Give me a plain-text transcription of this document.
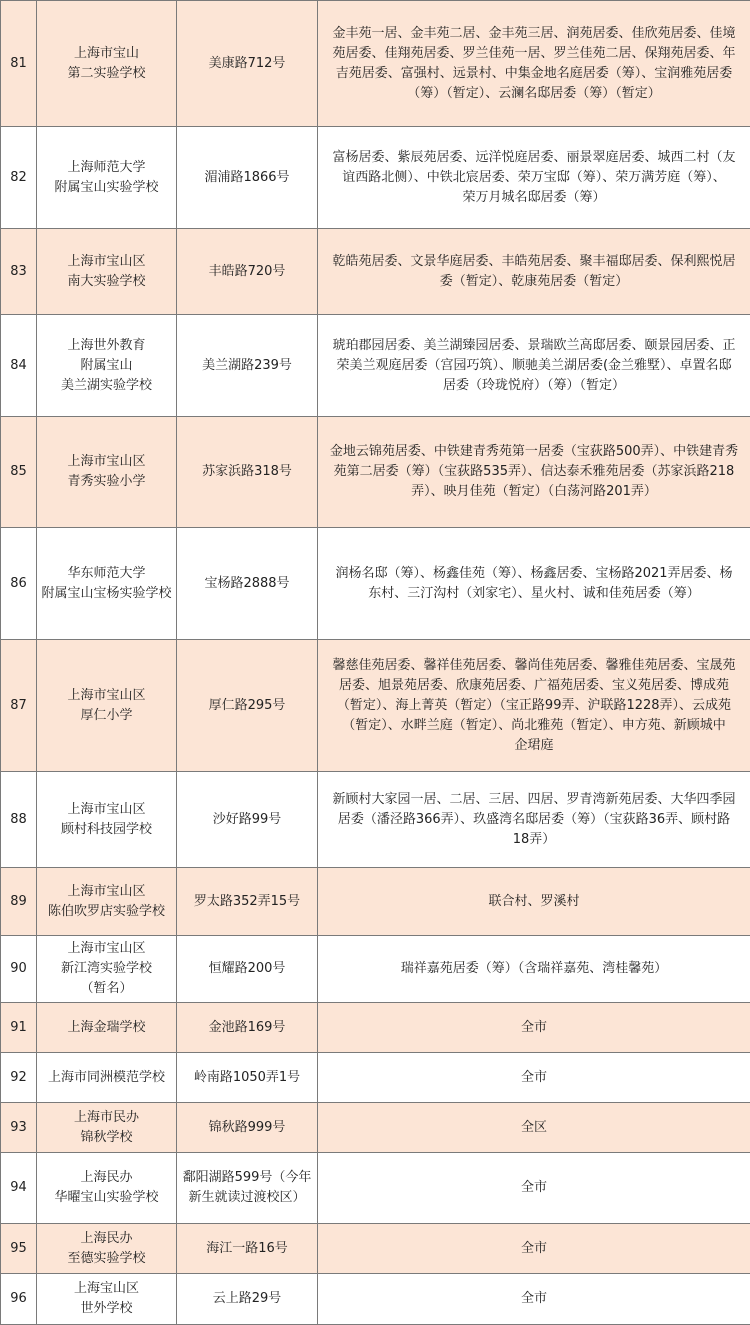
81	上海市宝山
第二实验学校	美康路712号	金丰苑一居、金丰苑二居、金丰苑三居、润苑居委、佳欣苑居委、佳境
苑居委、佳翔苑居委、罗兰佳苑一居、罗兰佳苑二居、保翔苑居委、年
吉苑居委、富强村、远景村、中集金地名庭居委（筹）、宝润雅苑居委
（筹）（暂定）、云澜名邸居委（筹）（暂定）

82	上海师范大学
附属宝山实验学校	湄浦路1866号	富杨居委、紫辰苑居委、远洋悦庭居委、丽景翠庭居委、城西二村（友
谊西路北侧）、中铁北宸居委、荣万宝邸（筹）、荣万满芳庭（筹）、
荣万月城名邸居委（筹）

83	上海市宝山区
南大实验学校	丰皓路720号	乾皓苑居委、文景华庭居委、丰皓苑居委、聚丰福邸居委、保利熙悦居
委（暂定）、乾康苑居委（暂定）

84	上海世外教育
附属宝山
美兰湖实验学校	美兰湖路239号	琥珀郡园居委、美兰湖臻园居委、景瑞欧兰高邸居委、颐景园居委、正
荣美兰观庭居委（宫园巧筑）、顺驰美兰湖居委(金兰雅墅）、卓置名邸
居委（玲珑悦府）（筹）（暂定）

85	上海市宝山区
青秀实验小学	苏家浜路318号	金地云锦苑居委、中铁建青秀苑第一居委（宝荻路500弄）、中铁建青秀
苑第二居委（筹）（宝荻路535弄）、信达泰禾雅苑居委（苏家浜路218
弄）、映月佳苑（暂定）（白荡河路201弄）

86	华东师范大学
附属宝山宝杨实验学校	宝杨路2888号	润杨名邸（筹）、杨鑫佳苑（筹）、杨鑫居委、宝杨路2021弄居委、杨
东村、三汀沟村（刘家宅）、星火村、诚和佳苑居委（筹）

87	上海市宝山区
厚仁小学	厚仁路295号	馨慈佳苑居委、馨祥佳苑居委、馨尚佳苑居委、馨雅佳苑居委、宝晟苑
居委、旭景苑居委、欣康苑居委、广福苑居委、宝义苑居委、博成苑
（暂定）、海上菁英（暂定）（宝正路99弄、沪联路1228弄）、云成苑
（暂定）、水畔兰庭（暂定）、尚北雅苑（暂定）、申方苑、新顾城中
企珺庭

88	上海市宝山区
顾村科技园学校	沙好路99号	新顾村大家园一居、二居、三居、四居、罗青湾新苑居委、大华四季园
居委（潘泾路366弄）、玖盛湾名邸居委（筹）（宝荻路36弄、顾村路
18弄）

89	上海市宝山区
陈伯吹罗店实验学校	罗太路352弄15号	联合村、罗溪村

90	上海市宝山区
新江湾实验学校
（暂名）	恒耀路200号	瑞祥嘉苑居委（筹）（含瑞祥嘉苑、湾桂馨苑）

91	上海金瑞学校	金池路169号	全市

92	上海市同洲模范学校	岭南路1050弄1号	全市

93	上海市民办
锦秋学校	锦秋路999号	全区

94	上海民办
华曜宝山实验学校	鄱阳湖路599号（今年
新生就读过渡校区）	全市

95	上海民办
至德实验学校	海江一路16号	全市

96	上海宝山区
世外学校	云上路29号	全市
